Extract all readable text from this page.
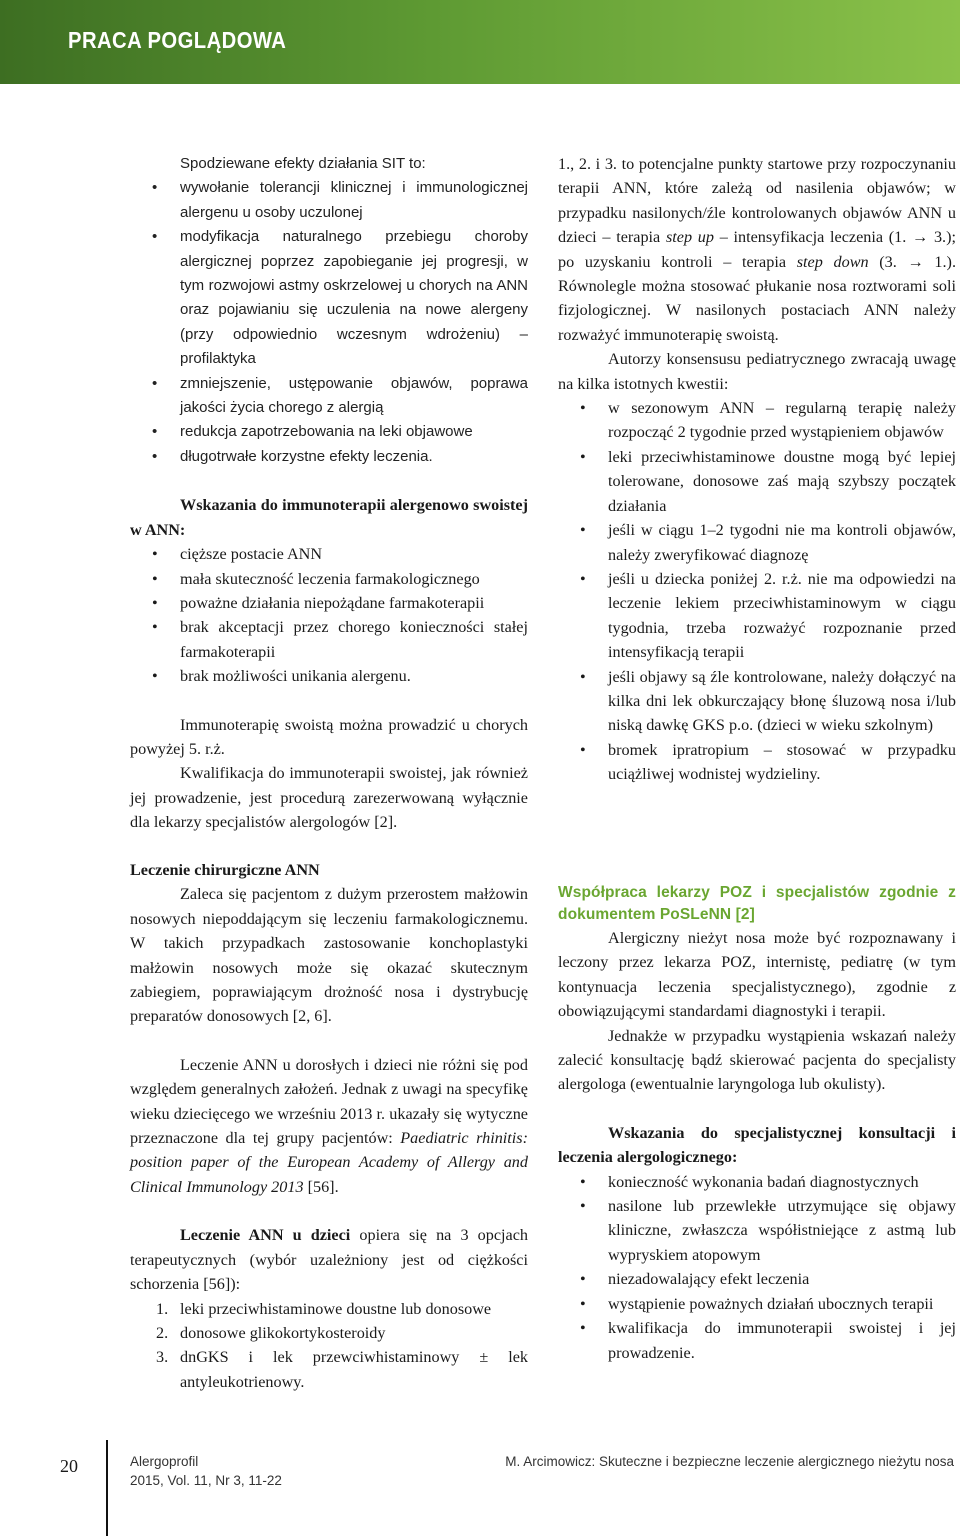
PRACA POGLĄDOWA

Spodziewane efekty działania SIT to:

• wywołanie tolerancji klinicznej i immunologicznej alergenu u osoby uczulonej
• modyfikacja naturalnego przebiegu choroby alergicznej poprzez zapobieganie jej progresji, w tym rozwojowi astmy oskrzelowej u chorych na ANN oraz pojawianiu się uczulenia na nowe alergeny (przy odpowiednio wczesnym wdrożeniu) – profilaktyka
• zmniejszenie, ustępowanie objawów, poprawa jakości życia chorego z alergią
• redukcja zapotrzebowania na leki objawowe
• długotrwałe korzystne efekty leczenia.

Wskazania do immunoterapii alergenowo swoistej w ANN:

• cięższe postacie ANN
• mała skuteczność leczenia farmakologicznego
• poważne działania niepożądane farmakoterapii
• brak akceptacji przez chorego konieczności stałej farmakoterapii
• brak możliwości unikania alergenu.

Immunoterapię swoistą można prowadzić u chorych powyżej 5. r.ż.

Kwalifikacja do immunoterapii swoistej, jak również jej prowadzenie, jest procedurą zarezerwowaną wyłącznie dla lekarzy specjalistów alergologów [2].

Leczenie chirurgiczne ANN

Zaleca się pacjentom z dużym przerostem małżowin nosowych niepoddającym się leczeniu farmakologicznemu. W takich przypadkach zastosowanie konchoplastyki małżowin nosowych może się okazać skutecznym zabiegiem, poprawiającym drożność nosa i dystrybucję preparatów donosowych [2, 6].

Leczenie ANN u dorosłych i dzieci nie różni się pod względem generalnych założeń. Jednak z uwagi na specyfikę wieku dziecięcego we wrześniu 2013 r. ukazały się wytyczne przeznaczone dla tej grupy pacjentów: Paediatric rhinitis: position paper of the European Academy of Allergy and Clinical Immunology 2013 [56].

Leczenie ANN u dzieci opiera się na 3 opcjach terapeutycznych (wybór uzależniony jest od ciężkości schorzenia [56]):

1. leki przeciwhistaminowe doustne lub donosowe
2. donosowe glikokortykosteroidy
3. dnGKS i lek przewciwhistaminowy ± lek antyleukotrienowy.

1., 2. i 3. to potencjalne punkty startowe przy rozpoczynaniu terapii ANN, które zależą od nasilenia objawów; w przypadku nasilonych/źle kontrolowanych objawów ANN u dzieci – terapia step up – intensyfikacja leczenia (1. → 3.); po uzyskaniu kontroli – terapia step down (3. → 1.). Równolegle można stosować płukanie nosa roztworami soli fizjologicznej. W nasilonych postaciach ANN należy rozważyć immunoterapię swoistą.

Autorzy konsensusu pediatrycznego zwracają uwagę na kilka istotnych kwestii:

• w sezonowym ANN – regularną terapię należy rozpocząć 2 tygodnie przed wystąpieniem objawów
• leki przeciwhistaminowe doustne mogą być lepiej tolerowane, donosowe zaś mają szybszy początek działania
• jeśli w ciągu 1–2 tygodni nie ma kontroli objawów, należy zweryfikować diagnozę
• jeśli u dziecka poniżej 2. r.ż. nie ma odpowiedzi na leczenie lekiem przeciwhistaminowym w ciągu tygodnia, trzeba rozważyć rozpoznanie przed intensyfikacją terapii
• jeśli objawy są źle kontrolowane, należy dołączyć na kilka dni lek obkurczający błonę śluzową nosa i/lub niską dawkę GKS p.o. (dzieci w wieku szkolnym)
• bromek ipratropium – stosować w przypadku uciążliwej wodnistej wydzieliny.

Współpraca lekarzy POZ i specjalistów zgodnie z dokumentem PoSLeNN [2]

Alergiczny nieżyt nosa może być rozpoznawany i leczony przez lekarza POZ, internistę, pediatrę (w tym kontynuacja leczenia specjalistycznego), zgodnie z obowiązującymi standardami diagnostyki i terapii.

Jednakże w przypadku wystąpienia wskazań należy zalecić konsultację bądź skierować pacjenta do specjalisty alergologa (ewentualnie laryngologa lub okulisty).

Wskazania do specjalistycznej konsultacji i leczenia alergologicznego:

• konieczność wykonania badań diagnostycznych
• nasilone lub przewlekłe utrzymujące się objawy kliniczne, zwłaszcza współistniejące z astmą lub wypryskiem atopowym
• niezadowalający efekt leczenia
• wystąpienie poważnych działań ubocznych terapii
• kwalifikacja do immunoterapii swoistej i jej prowadzenie.
20	Alergoprofil
2015, Vol. 11, Nr 3, 11-22
M. Arcimowicz: Skuteczne i bezpieczne leczenie alergicznego nieżytu nosa
